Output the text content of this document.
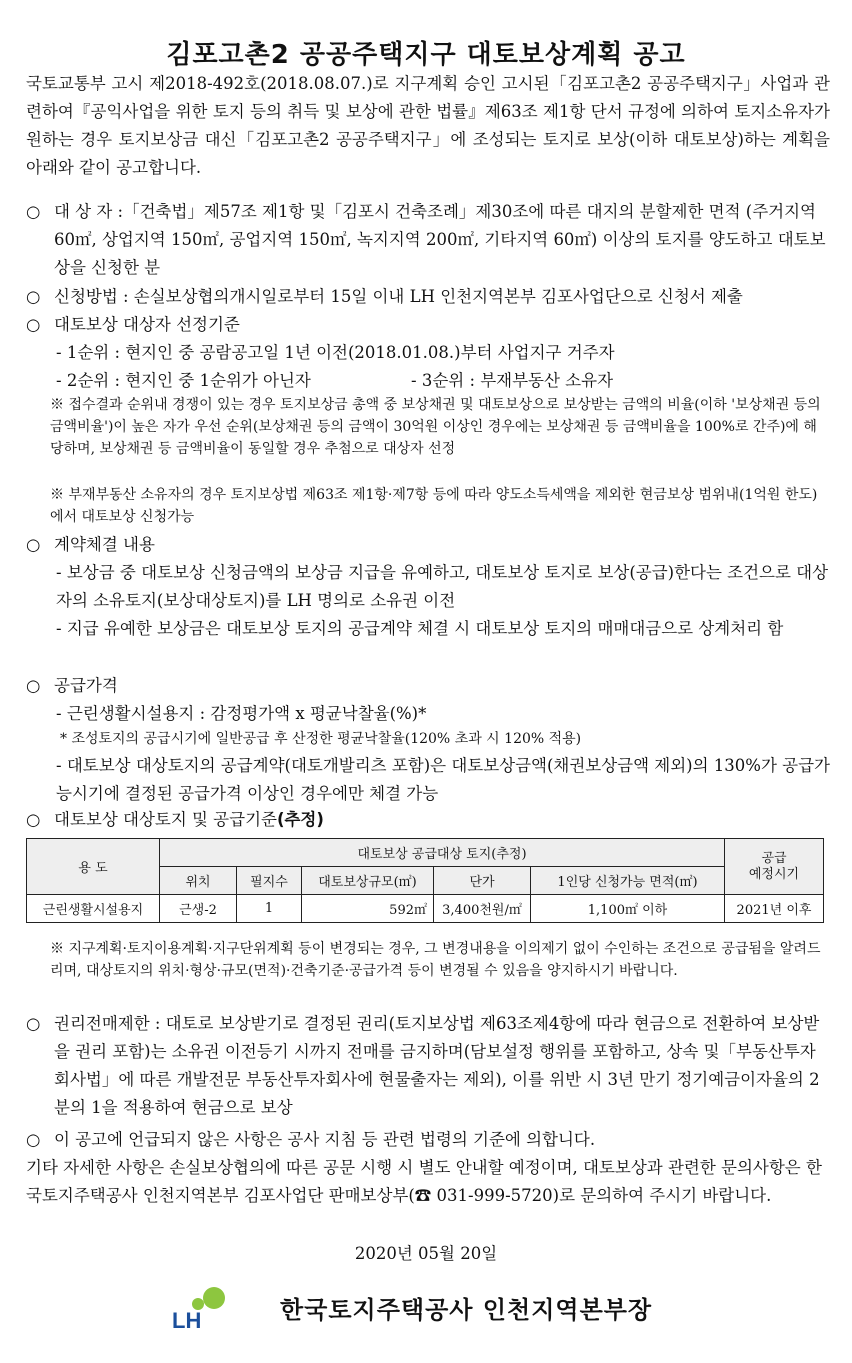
김포고촌2 공공주택지구 대토보상계획 공고
국토교통부 고시 제2018-492호(2018.08.07.)로 지구계획 승인 고시된「김포고촌2 공공주택지구」사업과 관련하여『공익사업을 위한 토지 등의 취득 및 보상에 관한 법률』제63조 제1항 단서 규정에 의하여 토지소유자가 원하는 경우 토지보상금 대신「김포고촌2 공공주택지구」에 조성되는 토지로 보상(이하 대토보상)하는 계획을 아래와 같이 공고합니다.
○ 대 상 자 :「건축법」제57조 제1항 및「김포시 건축조례」제30조에 따른 대지의 분할제한 면적 (주거지역 60㎡, 상업지역 150㎡, 공업지역 150㎡, 녹지지역 200㎡, 기타지역 60㎡) 이상의 토지를 양도하고 대토보상을 신청한 분
○ 신청방법 : 손실보상협의개시일로부터 15일 이내 LH 인천지역본부 김포사업단으로 신청서 제출
○ 대토보상 대상자 선정기준
- 1순위 : 현지인 중 공람공고일 1년 이전(2018.01.08.)부터 사업지구 거주자
- 2순위 : 현지인 중 1순위가 아닌자	- 3순위 : 부재부동산 소유자
※ 접수결과 순위내 경쟁이 있는 경우 토지보상금 총액 중 보상채권 및 대토보상으로 보상받는 금액의 비율(이하 '보상채권 등의 금액비율')이 높은 자가 우선 순위(보상채권 등의 금액이 30억원 이상인 경우에는 보상채권 등 금액비율을 100%로 간주)에 해당하며, 보상채권 등 금액비율이 동일할 경우 추첨으로 대상자 선정
※ 부재부동산 소유자의 경우 토지보상법 제63조 제1항·제7항 등에 따라 양도소득세액을 제외한 현금보상 범위내(1억원 한도)에서 대토보상 신청가능
○ 계약체결 내용
- 보상금 중 대토보상 신청금액의 보상금 지급을 유예하고, 대토보상 토지로 보상(공급)한다는 조건으로 대상자의 소유토지(보상대상토지)를 LH 명의로 소유권 이전
- 지급 유예한 보상금은 대토보상 토지의 공급계약 체결 시 대토보상 토지의 매매대금으로 상계처리 함
○ 공급가격
- 근린생활시설용지 : 감정평가액 x 평균낙찰율(%)*
* 조성토지의 공급시기에 일반공급 후 산정한 평균낙찰율(120% 초과 시 120% 적용)
- 대토보상 대상토지의 공급계약(대토개발리츠 포함)은 대토보상금액(채권보상금액 제외)의 130%가 공급가능시기에 결정된 공급가격 이상인 경우에만 체결 가능
○ 대토보상 대상토지 및 공급기준(추정)
용 도	대토보상 공급대상 토지(추정)					공급
예정시기
	위치	필지수	대토보상규모(㎡)	단가	1인당 신청가능 면적(㎡)	
근린생활시설용지	근생-2	1	592㎡	3,400천원/㎡	1,100㎡ 이하	2021년 이후
※ 지구계획·토지이용계획·지구단위계획 등이 변경되는 경우, 그 변경내용을 이의제기 없이 수인하는 조건으로 공급됨을 알려드리며, 대상토지의 위치·형상·규모(면적)·건축기준·공급가격 등이 변경될 수 있음을 양지하시기 바랍니다.
○ 권리전매제한 : 대토로 보상받기로 결정된 권리(토지보상법 제63조제4항에 따라 현금으로 전환하여 보상받을 권리 포함)는 소유권 이전등기 시까지 전매를 금지하며(담보설정 행위를 포함하고, 상속 및「부동산투자회사법」에 따른 개발전문 부동산투자회사에 현물출자는 제외), 이를 위반 시 3년 만기 정기예금이자율의 2분의 1을 적용하여 현금으로 보상
○ 이 공고에 언급되지 않은 사항은 공사 지침 등 관련 법령의 기준에 의합니다.
기타 자세한 사항은 손실보상협의에 따른 공문 시행 시 별도 안내할 예정이며, 대토보상과 관련한 문의사항은 한국토지주택공사 인천지역본부 김포사업단 판매보상부(☎ 031-999-5720)로 문의하여 주시기 바랍니다.
2020년 05월 20일
LH	한국토지주택공사 인천지역본부장
